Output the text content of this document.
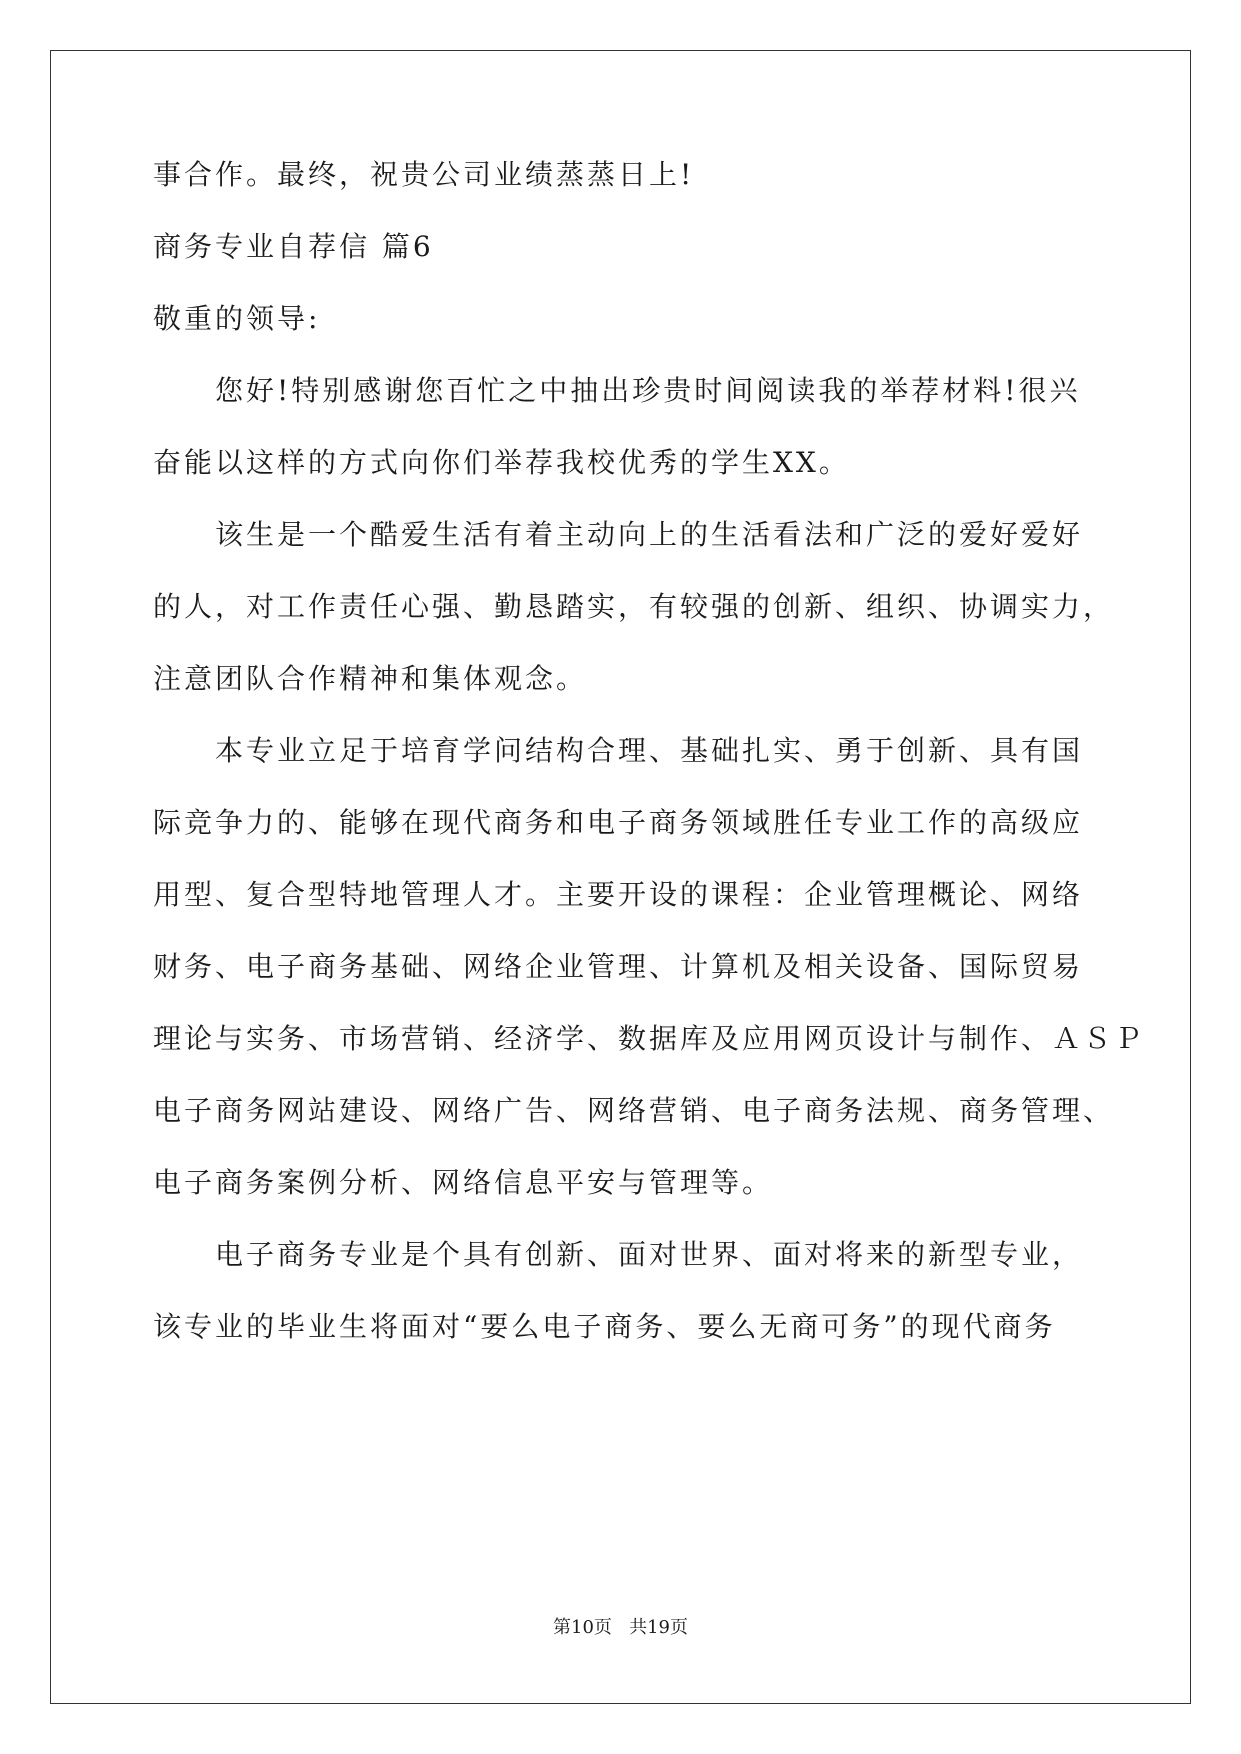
事合作。最终，祝贵公司业绩蒸蒸日上!
商务专业自荐信 篇6
敬重的领导:
您好!特别感谢您百忙之中抽出珍贵时间阅读我的举荐材料!很兴
奋能以这样的方式向你们举荐我校优秀的学生XX。
该生是一个酷爱生活有着主动向上的生活看法和广泛的爱好爱好
的人，对工作责任心强、勤恳踏实，有较强的创新、组织、协调实力，
注意团队合作精神和集体观念。
本专业立足于培育学问结构合理、基础扎实、勇于创新、具有国
际竞争力的、能够在现代商务和电子商务领域胜任专业工作的高级应
用型、复合型特地管理人才。主要开设的课程：企业管理概论、网络
财务、电子商务基础、网络企业管理、计算机及相关设备、国际贸易
理论与实务、市场营销、经济学、数据库及应用网页设计与制作、ＡＳＰ
电子商务网站建设、网络广告、网络营销、电子商务法规、商务管理、
电子商务案例分析、网络信息平安与管理等。
电子商务专业是个具有创新、面对世界、面对将来的新型专业，
该专业的毕业生将面对“要么电子商务、要么无商可务”的现代商务
第10页   共19页
